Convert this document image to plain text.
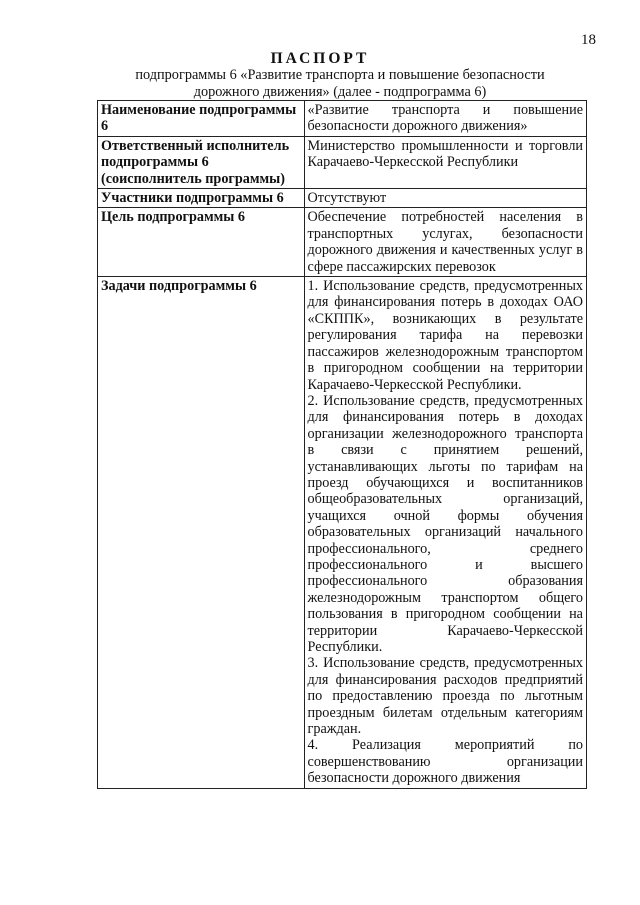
18
ПАСПОРТ
подпрограммы 6 «Развитие транспорта и повышение безопасности дорожного движения» (далее - подпрограмма 6)
Наименование подпрограммы 6	«Развитие транспорта и повышение безопасности дорожного движения»
Ответственный исполнитель подпрограммы 6 (соисполнитель программы)	Министерство промышленности и торговли Карачаево-Черкесской Республики
Участники подпрограммы 6	Отсутствуют
Цель подпрограммы 6	Обеспечение потребностей населения в транспортных услугах, безопасности дорожного движения и качественных услуг в сфере пассажирских перевозок
Задачи подпрограммы 6	1. Использование средств, предусмотренных для финансирования потерь в доходах ОАО «СКППК», возникающих в результате регулирования тарифа на перевозки пассажиров железнодорожным транспортом в пригородном сообщении на территории Карачаево-Черкесской Республики.

2. Использование средств, предусмотренных для финансирования потерь в доходах организации железнодорожного транспорта в связи с принятием решений, устанавливающих льготы по тарифам на проезд обучающихся и воспитанников общеобразовательных организаций, учащихся очной формы обучения образовательных организаций начального профессионального, среднего профессионального и высшего профессионального образования железнодорожным транспортом общего пользования в пригородном сообщении на территории Карачаево-Черкесской Республики.

3. Использование средств, предусмотренных для финансирования расходов предприятий по предоставлению проезда по льготным проездным билетам отдельным категориям граждан.

4. Реализация мероприятий по совершенствованию организации безопасности дорожного движения
